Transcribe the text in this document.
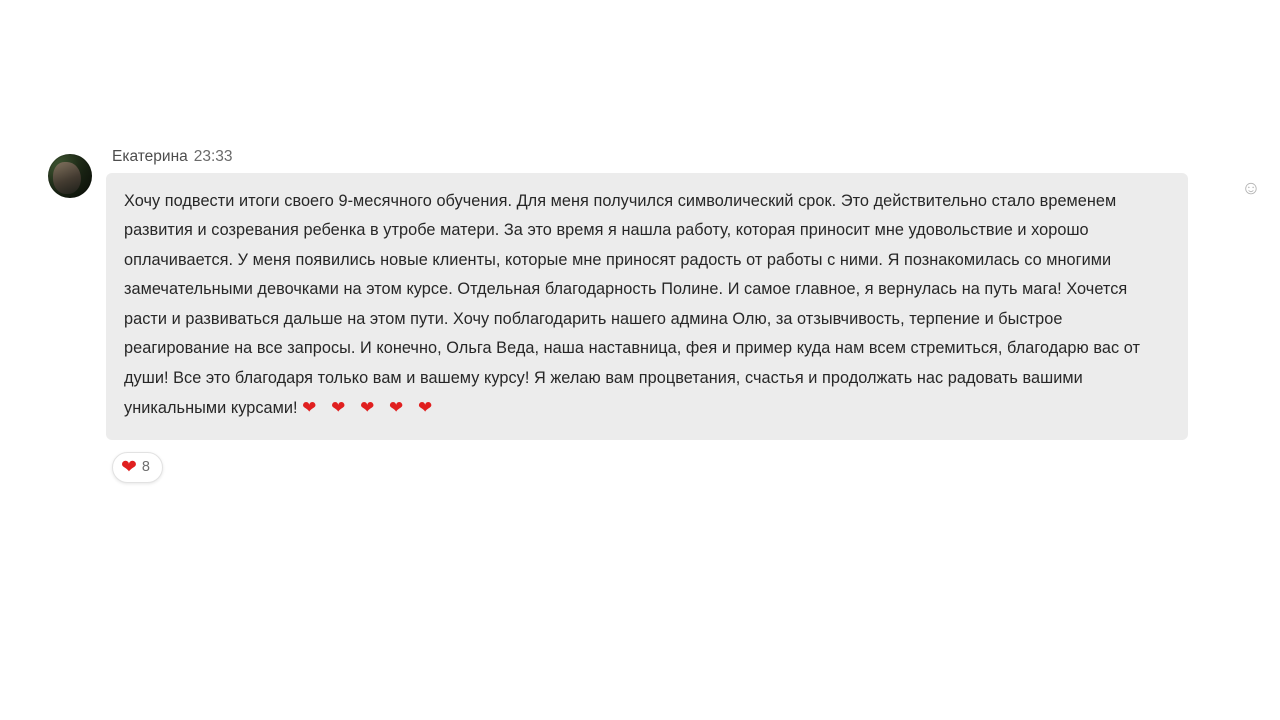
Екатерина 23:33
Хочу подвести итоги своего 9-месячного обучения. Для меня получился символический срок. Это действительно стало временем развития и созревания ребенка в утробе матери. За это время я нашла работу, которая приносит мне удовольствие и хорошо оплачивается. У меня появились новые клиенты, которые мне приносят радость от работы с ними. Я познакомилась со многими замечательными девочками на этом курсе. Отдельная благодарность Полине. И самое главное, я вернулась на путь мага! Хочется расти и развиваться дальше на этом пути. Хочу поблагодарить нашего админа Олю, за отзывчивость, терпение и быстрое реагирование на все запросы. И конечно, Ольга Веда, наша наставница, фея и пример куда нам всем стремиться, благодарю вас от души! Все это благодаря только вам и вашему курсу! Я желаю вам процветания, счастья и продолжать нас радовать вашими уникальными курсами! ❤ ❤ ❤ ❤ ❤
❤ 8
☺
